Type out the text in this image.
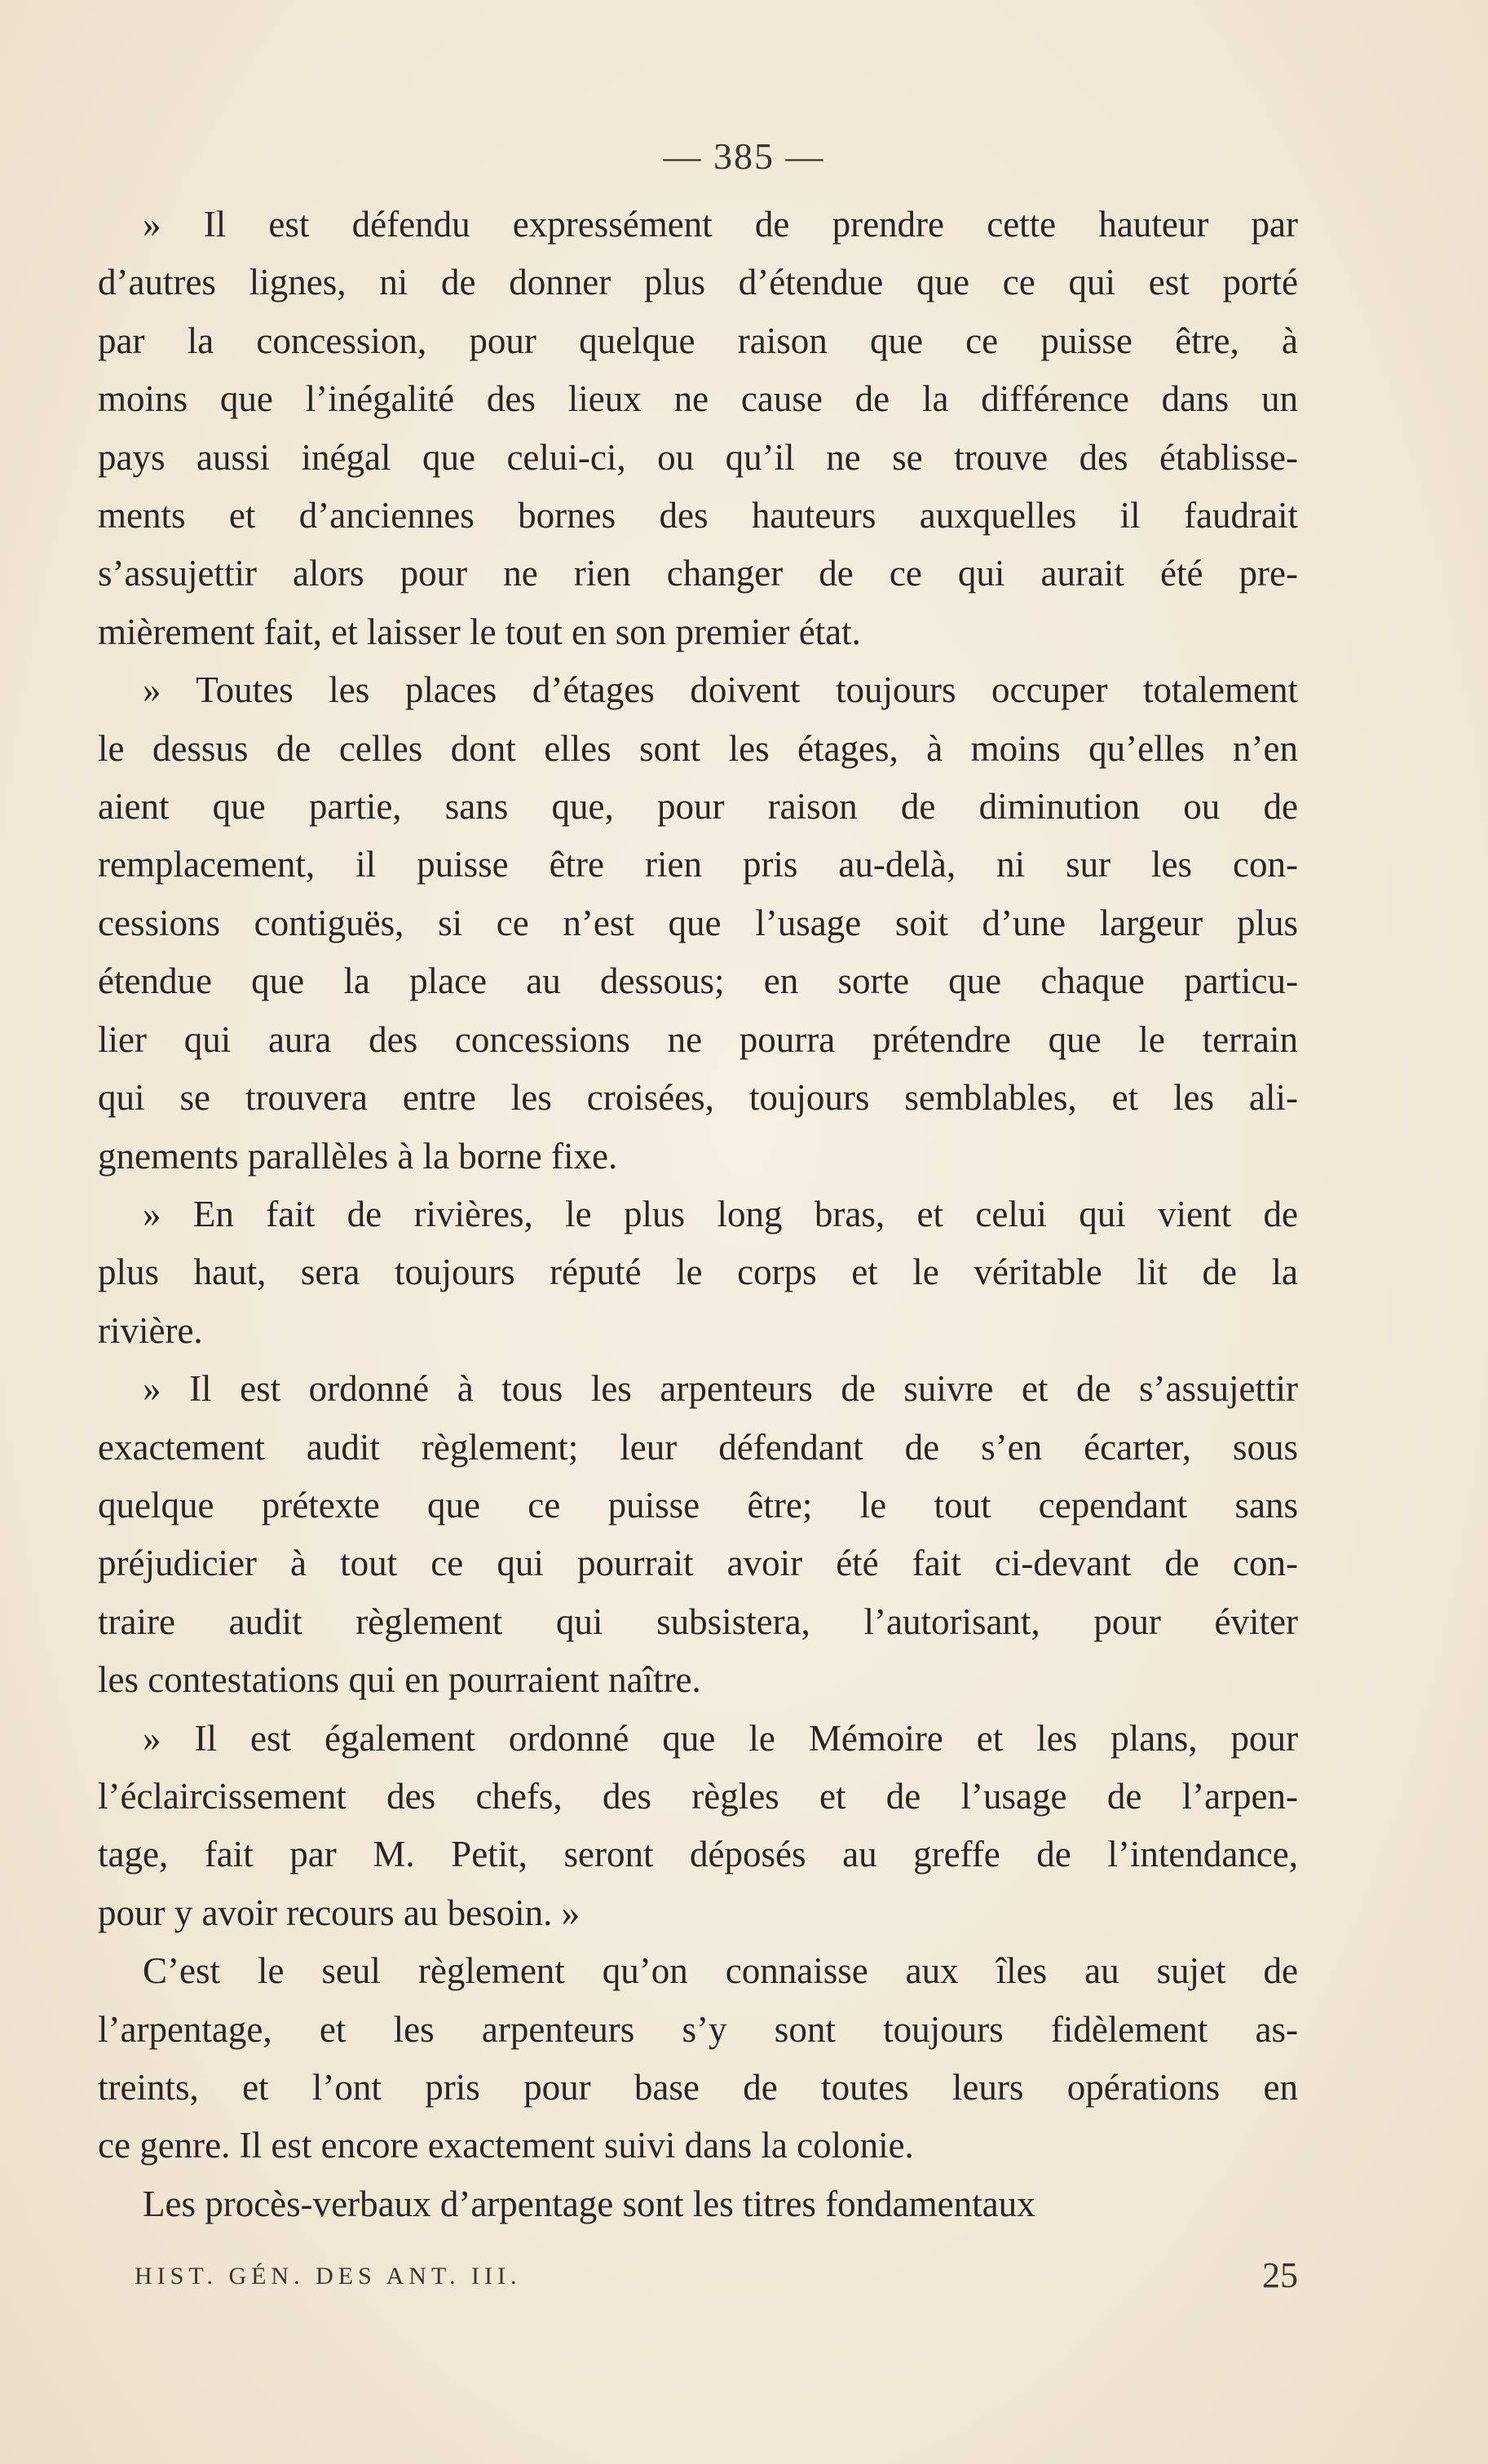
— 385 —
» Il est défendu expressément de prendre cette hauteur par
d’autres lignes, ni de donner plus d’étendue que ce qui est porté
par la concession, pour quelque raison que ce puisse être, à
moins que l’inégalité des lieux ne cause de la différence dans un
pays aussi inégal que celui-ci, ou qu’il ne se trouve des établisse-
ments et d’anciennes bornes des hauteurs auxquelles il faudrait
s’assujettir alors pour ne rien changer de ce qui aurait été pre-
mièrement fait, et laisser le tout en son premier état.
» Toutes les places d’étages doivent toujours occuper totalement
le dessus de celles dont elles sont les étages, à moins qu’elles n’en
aient que partie, sans que, pour raison de diminution ou de
remplacement, il puisse être rien pris au-delà, ni sur les con-
cessions contiguës, si ce n’est que l’usage soit d’une largeur plus
étendue que la place au dessous; en sorte que chaque particu-
lier qui aura des concessions ne pourra prétendre que le terrain
qui se trouvera entre les croisées, toujours semblables, et les ali-
gnements parallèles à la borne fixe.
» En fait de rivières, le plus long bras, et celui qui vient de
plus haut, sera toujours réputé le corps et le véritable lit de la
rivière.
» Il est ordonné à tous les arpenteurs de suivre et de s’assujettir
exactement audit règlement; leur défendant de s’en écarter, sous
quelque prétexte que ce puisse être; le tout cependant sans
préjudicier à tout ce qui pourrait avoir été fait ci-devant de con-
traire audit règlement qui subsistera, l’autorisant, pour éviter
les contestations qui en pourraient naître.
» Il est également ordonné que le Mémoire et les plans, pour
l’éclaircissement des chefs, des règles et de l’usage de l’arpen-
tage, fait par M. Petit, seront déposés au greffe de l’intendance,
pour y avoir recours au besoin. »
C’est le seul règlement qu’on connaisse aux îles au sujet de
l’arpentage, et les arpenteurs s’y sont toujours fidèlement as-
treints, et l’ont pris pour base de toutes leurs opérations en
ce genre. Il est encore exactement suivi dans la colonie.
Les procès-verbaux d’arpentage sont les titres fondamentaux
HIST. GÉN. DES ANT. III.	25
